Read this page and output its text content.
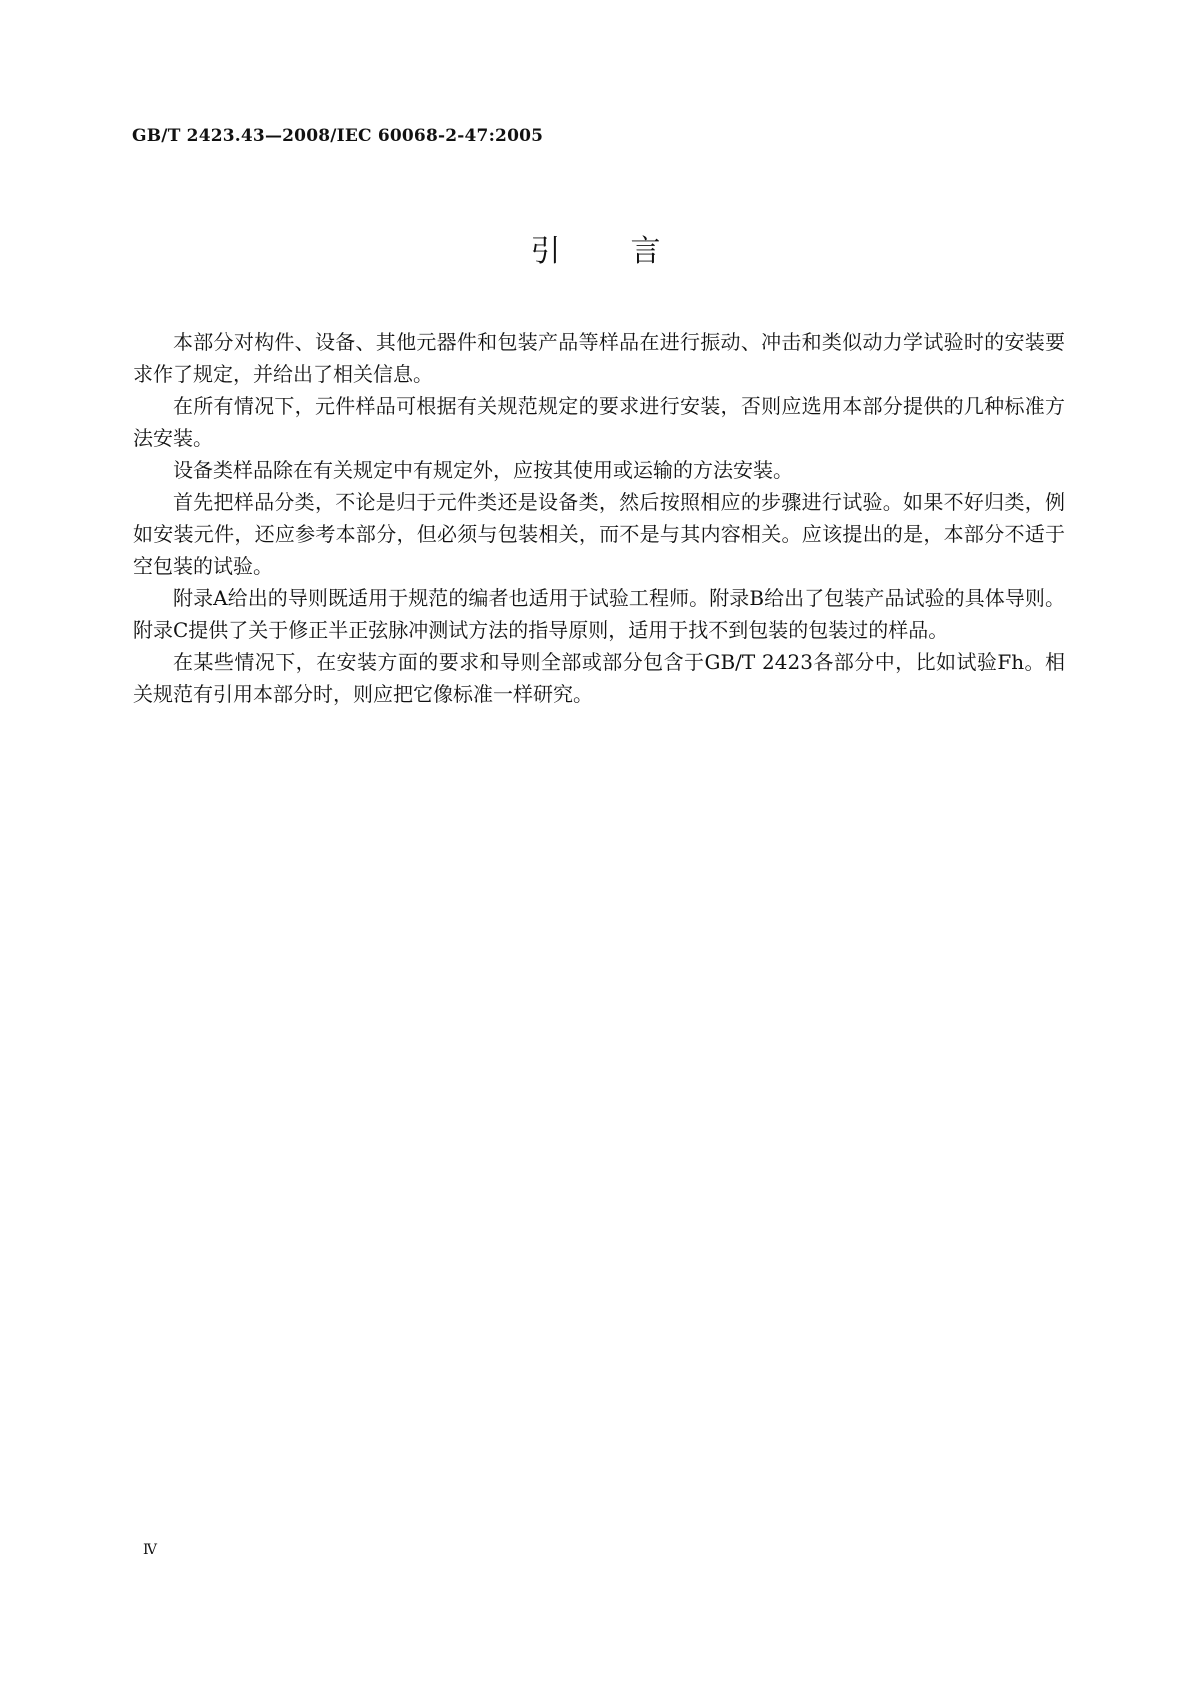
GB/T 2423.43—2008/IEC 60068-2-47:2005
引 言

本部分对构件、设备、其他元器件和包装产品等样品在进行振动、冲击和类似动力学试验时的安装要求作了规定，并给出了相关信息。

在所有情况下，元件样品可根据有关规范规定的要求进行安装，否则应选用本部分提供的几种标准方法安装。

设备类样品除在有关规定中有规定外，应按其使用或运输的方法安装。

首先把样品分类，不论是归于元件类还是设备类，然后按照相应的步骤进行试验。如果不好归类，例如安装元件，还应参考本部分，但必须与包装相关，而不是与其内容相关。应该提出的是，本部分不适于空包装的试验。

附录A给出的导则既适用于规范的编者也适用于试验工程师。附录B给出了包装产品试验的具体导则。附录C提供了关于修正半正弦脉冲测试方法的指导原则，适用于找不到包装的包装过的样品。

在某些情况下，在安装方面的要求和导则全部或部分包含于GB/T 2423各部分中，比如试验Fh。相关规范有引用本部分时，则应把它像标准一样研究。

Ⅳ
